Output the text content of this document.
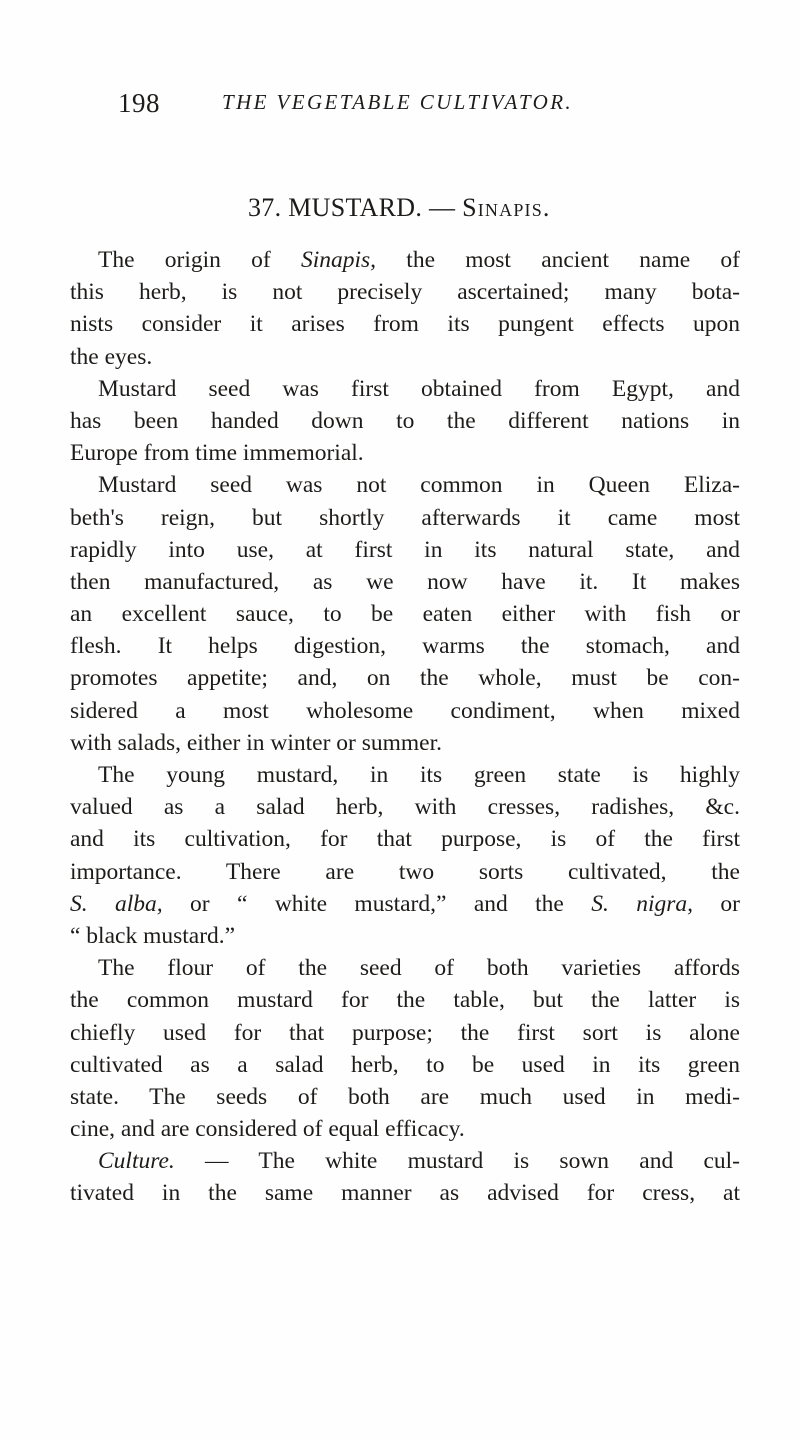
198	THE VEGETABLE CULTIVATOR.
37. MUSTARD. — Sinapis.
The origin of Sinapis, the most ancient name of
this herb, is not precisely ascertained; many bota-
nists consider it arises from its pungent effects upon
the eyes.
Mustard seed was first obtained from Egypt, and
has been handed down to the different nations in
Europe from time immemorial.
Mustard seed was not common in Queen Eliza-
beth's reign, but shortly afterwards it came most
rapidly into use, at first in its natural state, and
then manufactured, as we now have it. It makes
an excellent sauce, to be eaten either with fish or
flesh. It helps digestion, warms the stomach, and
promotes appetite; and, on the whole, must be con-
sidered a most wholesome condiment, when mixed
with salads, either in winter or summer.
The young mustard, in its green state is highly
valued as a salad herb, with cresses, radishes, &c.
and its cultivation, for that purpose, is of the first
importance. There are two sorts cultivated, the
S. alba, or “ white mustard,” and the S. nigra, or
“ black mustard.”
The flour of the seed of both varieties affords
the common mustard for the table, but the latter is
chiefly used for that purpose; the first sort is alone
cultivated as a salad herb, to be used in its green
state. The seeds of both are much used in medi-
cine, and are considered of equal efficacy.
Culture. — The white mustard is sown and cul-
tivated in the same manner as advised for cress, at
